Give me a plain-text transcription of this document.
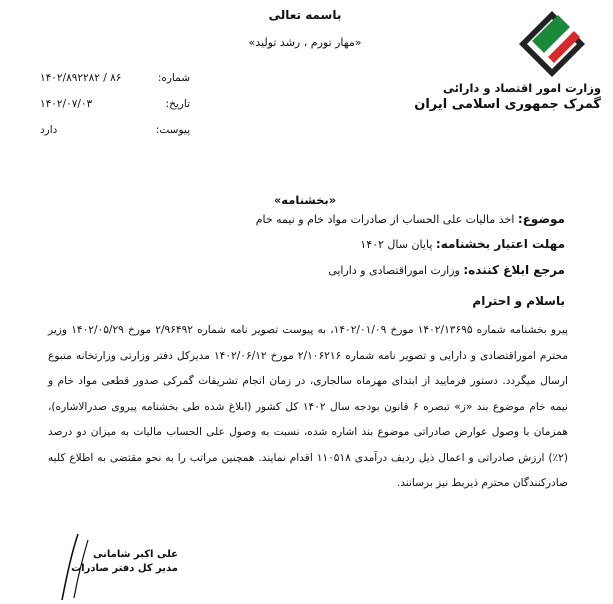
وزارت امور اقتصاد و دارائی
گمرک جمهوری اسلامی ایران
باسمه تعالی
«مهار تورم ، رشد تولید»
شماره:
۱۴۰۲/۸۹۲۲۸۲ / ۸۶
تاریخ:
۱۴۰۲/۰۷/۰۳
پیوست:
دارد
«بخشنامه»
موضوع: اخذ مالیات علی الحساب از صادرات مواد خام و نیمه خام
مهلت اعتبار بخشنامه: پایان سال ۱۴۰۲
مرجع ابلاغ کننده: وزارت اموراقتصادی و دارایی
باسلام و احترام
پیرو بخشنامه شماره ۱۴۰۲/۱۳۶۹۵ مورخ ۱۴۰۲/۰۱/۰۹، به پیوست تصویر نامه شماره ۲/۹۶۴۹۲ مورخ ۱۴۰۲/۰۵/۲۹ وزیر محترم اموراقتصادی و دارایی و تصویر نامه شماره ۲/۱۰۶۲۱۶ مورخ ۱۴۰۲/۰۶/۱۲ مدیرکل دفتر وزارتی وزارتخانه متبوع ارسال میگردد. دستور فرمایید از ابتدای مهرماه سالجاری، در زمان انجام تشریفات گمرکی صدور قطعی مواد خام و نیمه خام موضوع بند «ز» تبصره ۶ قانون بودجه سال ۱۴۰۲ کل کشور (ابلاغ شده طی بخشنامه پیروی صدرالاشاره)، همزمان با وصول عوارض صادراتی موضوع بند اشاره شده، نسبت به وصول علی الحساب مالیات به میزان دو درصد (۲٪) ارزش صادراتی و اعمال ذیل ردیف درآمدی ۱۱۰۵۱۸ اقدام نمایند. همچنین مراتب را به نحو مقتضی به اطلاع کلیه صادرکنندگان محترم ذیربط نیز برسانند.
علی اکبر شامانی
مدیر کل دفتر صادرات
